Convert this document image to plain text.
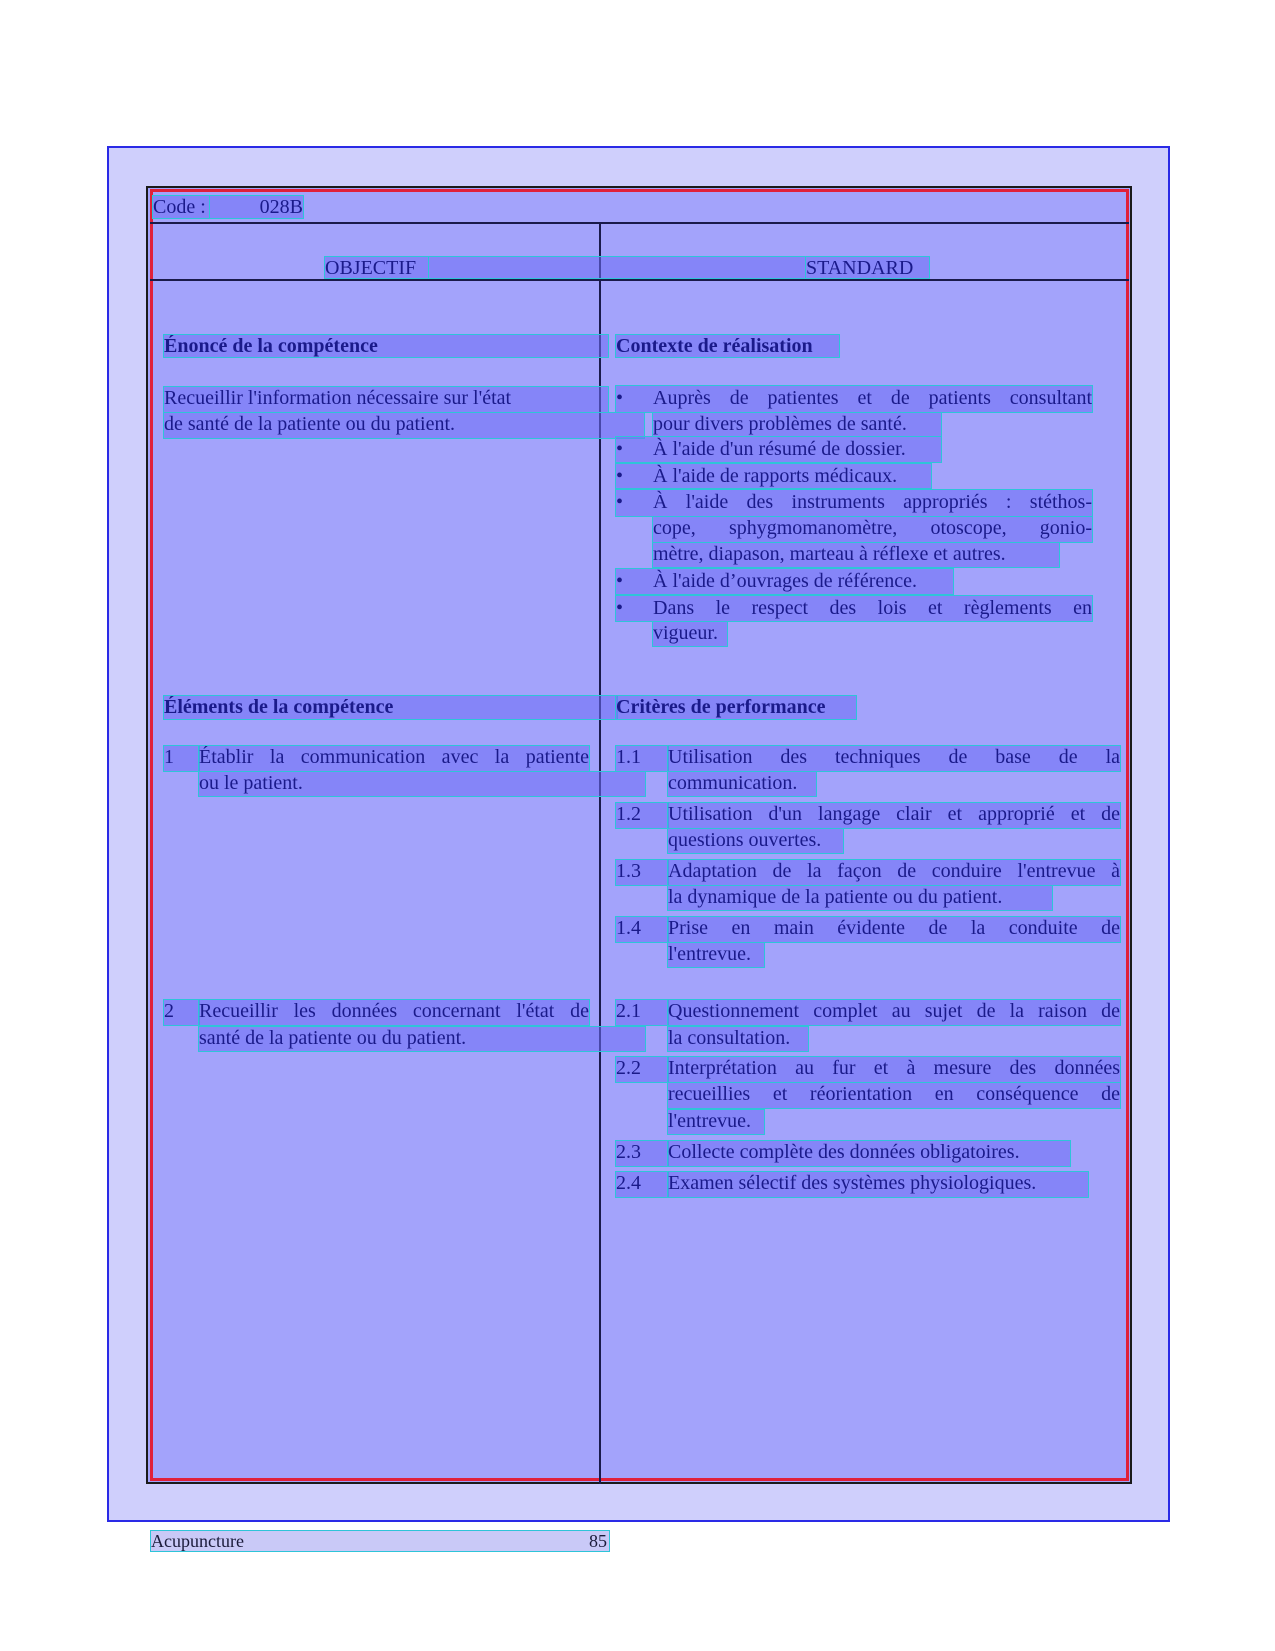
Code :	028B
OBJECTIF	STANDARD
Énoncé de la compétence
Recueillir l'information nécessaire sur l'état
de santé de la patiente ou du patient.
Contexte de réalisation
• Auprès de patientes et de patients consultant
pour divers problèmes de santé.
• À l'aide d'un résumé de dossier.
• À l'aide de rapports médicaux.
• À l'aide des instruments appropriés : stéthos-
cope, sphygmomanomètre, otoscope, gonio-
mètre, diapason, marteau à réflexe et autres.
• À l'aide d’ouvrages de référence.
• Dans le respect des lois et règlements en
vigueur.
Éléments de la compétence
1	Établir la communication avec la patiente
ou le patient.
2	Recueillir les données concernant l'état de
santé de la patiente ou du patient.
Critères de performance
1.1	Utilisation des techniques de base de la
communication.
1.2	Utilisation d'un langage clair et approprié et de
questions ouvertes.
1.3	Adaptation de la façon de conduire l'entrevue à
la dynamique de la patiente ou du patient.
1.4	Prise en main évidente de la conduite de
l'entrevue.
2.1	Questionnement complet au sujet de la raison de
la consultation.
2.2	Interprétation au fur et à mesure des données
recueillies et réorientation en conséquence de
l'entrevue.
2.3	Collecte complète des données obligatoires.
2.4	Examen sélectif des systèmes physiologiques.
Acupuncture	85
